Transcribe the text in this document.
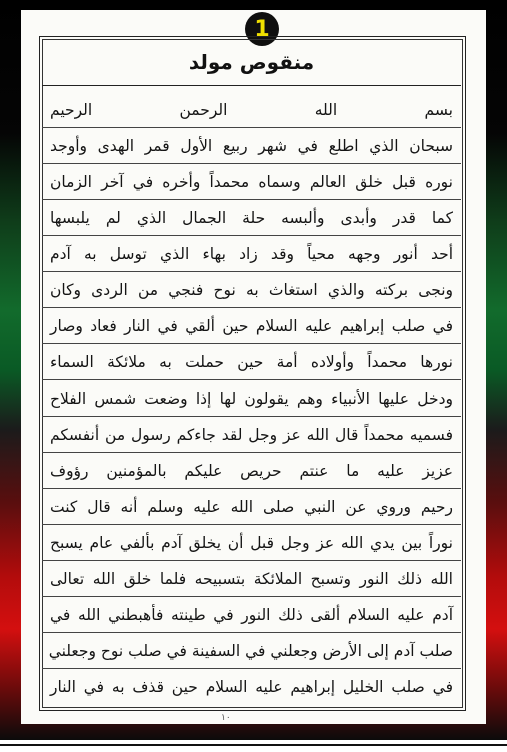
1
منقوص مولد
بسم الله الرحمن الرحيم
سبحان الذي اطلع في شهر ربيع الأول قمر الهدى وأوجد
نوره قبل خلق العالم وسماه محمداً وأخره في آخر الزمان
كما قدر وأبدى وألبسه حلة الجمال الذي لم يلبسها
أحد أنور وجهه محياً وقد زاد بهاء الذي توسل به آدم
ونجى بركته والذي استغاث به نوح فنجي من الردى وكان
في صلب إبراهيم عليه السلام حين ألقي في النار فعاد وصار
نورها محمداً وأولاده أمة حين حملت به ملائكة السماء
ودخل عليها الأنبياء وهم يقولون لها إذا وضعت شمس الفلاح
فسميه محمداً قال الله عز وجل لقد جاءكم رسول من أنفسكم
عزيز عليه ما عنتم حريص عليكم بالمؤمنين رؤوف
رحيم وروي عن النبي صلى الله عليه وسلم أنه قال كنت
نوراً بين يدي الله عز وجل قبل أن يخلق آدم بألفي عام يسبح
الله ذلك النور وتسبح الملائكة بتسبيحه فلما خلق الله تعالى
آدم عليه السلام ألقى ذلك النور في طينته فأهبطني الله في
صلب آدم إلى الأرض وجعلني في السفينة في صلب نوح وجعلني
في صلب الخليل إبراهيم عليه السلام حين قذف به في النار
١٠
